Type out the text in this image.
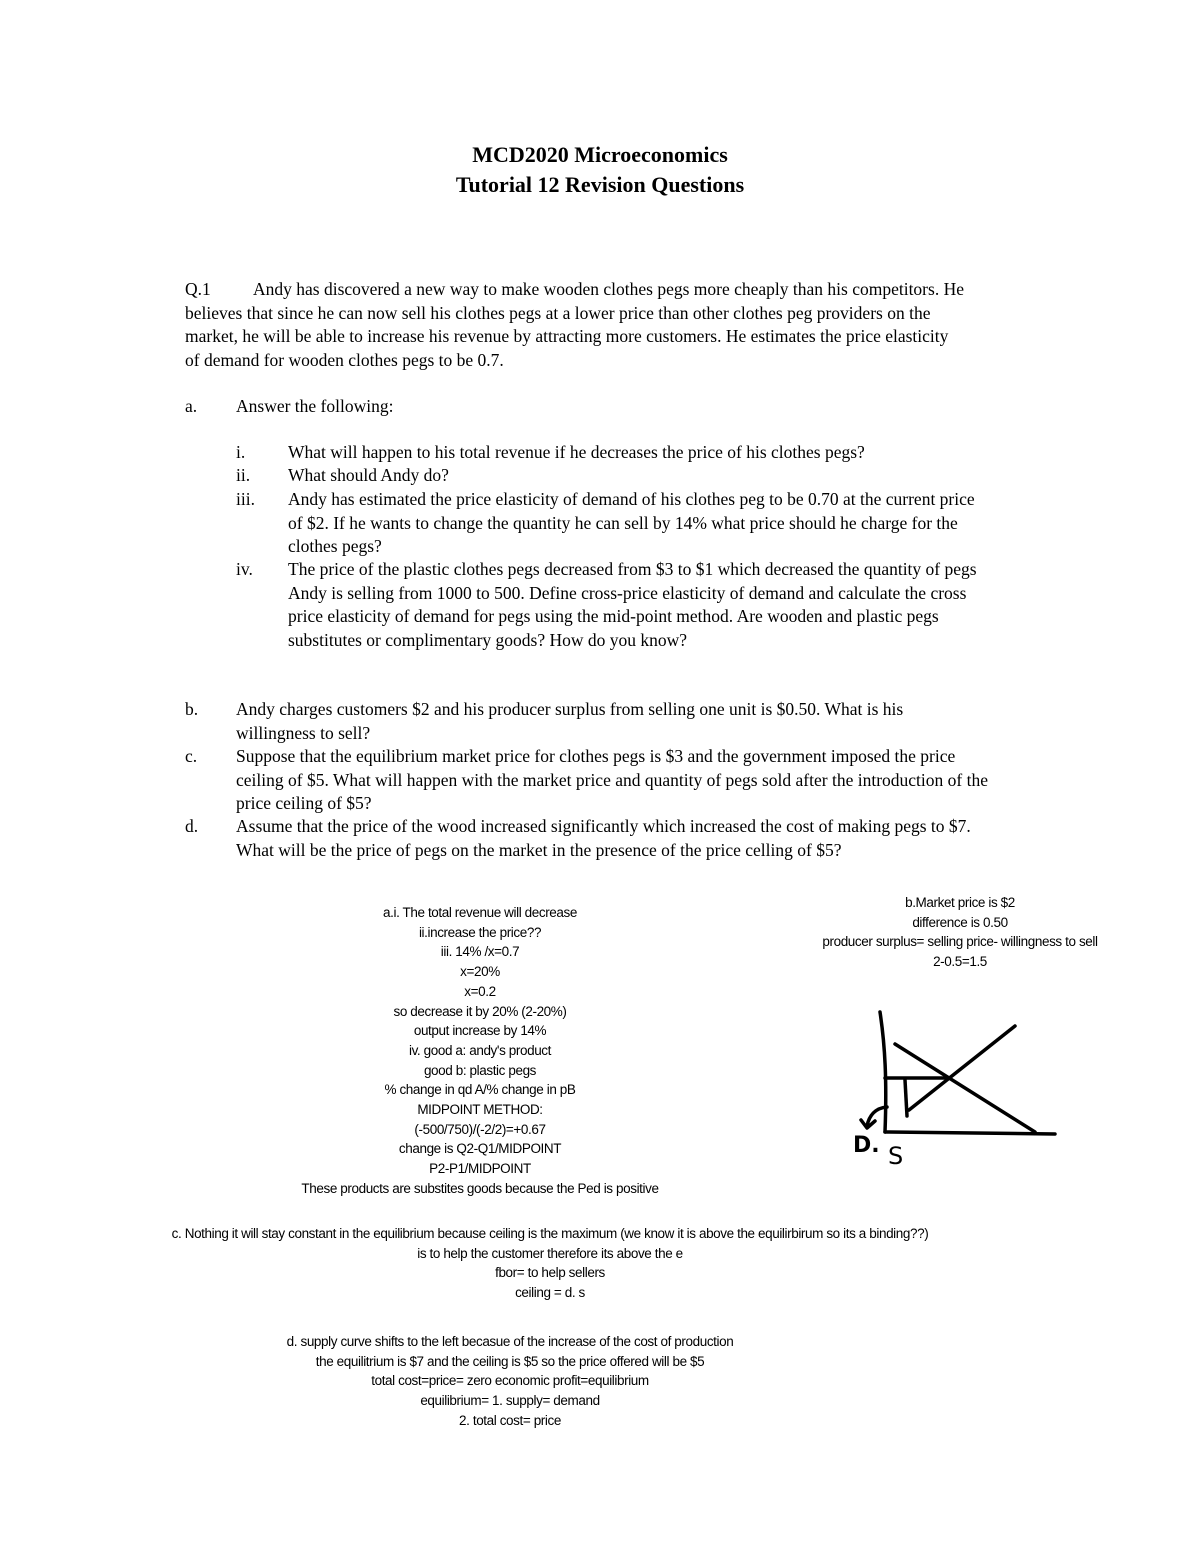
MCD2020 Microeconomics
Tutorial 12 Revision Questions
Q.1	Andy has discovered a new way to make wooden clothes pegs more cheaply than his competitors. He believes that since he can now sell his clothes pegs at a lower price than other clothes peg providers on the market, he will be able to increase his revenue by attracting more customers. He estimates the price elasticity of demand for wooden clothes pegs to be 0.7.
a. Answer the following:
i. What will happen to his total revenue if he decreases the price of his clothes pegs?
ii. What should Andy do?
iii. Andy has estimated the price elasticity of demand of his clothes peg to be 0.70 at the current price of $2. If he wants to change the quantity he can sell by 14% what price should he charge for the clothes pegs?
iv. The price of the plastic clothes pegs decreased from $3 to $1 which decreased the quantity of pegs Andy is selling from 1000 to 500. Define cross-price elasticity of demand and calculate the cross price elasticity of demand for pegs using the mid-point method. Are wooden and plastic pegs substitutes or complimentary goods? How do you know?
b. Andy charges customers $2 and his producer surplus from selling one unit is $0.50. What is his willingness to sell?
c. Suppose that the equilibrium market price for clothes pegs is $3 and the government imposed the price ceiling of $5. What will happen with the market price and quantity of pegs sold after the introduction of the price ceiling of $5?
d. Assume that the price of the wood increased significantly which increased the cost of making pegs to $7. What will be the price of pegs on the market in the presence of the price celling of $5?
a.i. The total revenue will decrease
ii.increase the price??
iii. 14% /x=0.7
x=20%
x=0.2
so decrease it by 20% (2-20%)
output increase by 14%
iv. good a: andy's product
good b: plastic pegs
% change in qd A/% change in pB
MIDPOINT METHOD:
(-500/750)/(-2/2)=+0.67
change is Q2-Q1/MIDPOINT
P2-P1/MIDPOINT
These products are substites goods because the Ped is positive
b.Market price is $2
difference is 0.50
producer surplus= selling price- willingness to sell
2-0.5=1.5
D. S
c. Nothing it will stay constant in the equilibrium because ceiling is the maximum (we know it is above the equilirbirum so its a binding??)
is to help the customer therefore its above the e
fbor= to help sellers
ceiling = d. s
d. supply curve shifts to the left becasue of the increase of the cost of production
the equilitrium is $7 and the ceiling is $5 so the price offered will be $5
total cost=price= zero economic profit=equilibrium
equilibrium= 1. supply= demand
2. total cost= price
